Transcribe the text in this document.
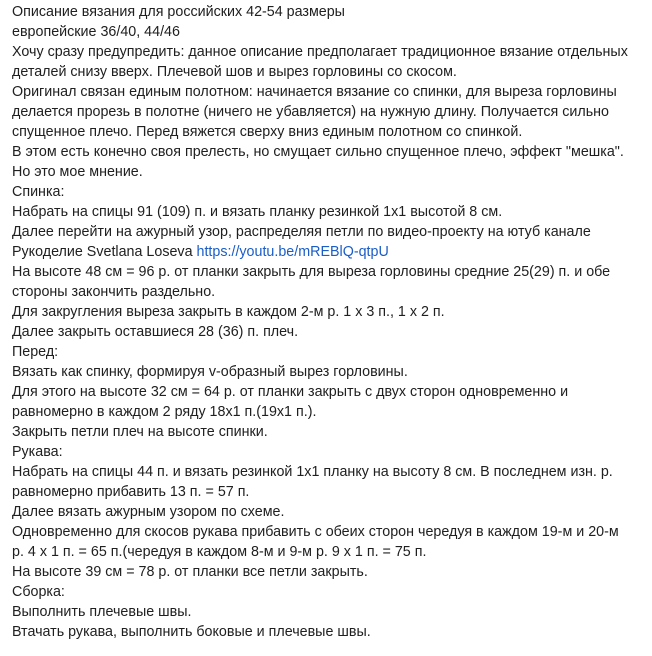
Описание вязания для российских 42-54 размеры
европейские 36/40, 44/46
Хочу сразу предупредить: данное описание предполагает традиционное вязание отдельных
деталей снизу вверх. Плечевой шов и вырез горловины со скосом.
Оригинал связан единым полотном: начинается вязание со спинки, для выреза горловины
делается прорезь в полотне (ничего не убавляется) на нужную длину. Получается сильно
спущенное плечо. Перед вяжется сверху вниз единым полотном со спинкой.
В этом есть конечно своя прелесть, но смущает сильно спущенное плечо, эффект "мешка".
Но это мое мнение.
Спинка:
Набрать на спицы 91 (109) п. и вязать планку резинкой 1х1 высотой 8 см.
Далее перейти на ажурный узор, распределяя петли по видео-проекту на ютуб канале
Рукоделие Svetlana Loseva https://youtu.be/mREBlQ-qtpU
На высоте 48 см = 96 р. от планки закрыть для выреза горловины средние 25(29) п. и обе
стороны закончить раздельно.
Для закругления выреза закрыть в каждом 2-м р. 1 х 3 п., 1 х 2 п.
Далее закрыть оставшиеся 28 (36) п. плеч.
Перед:
Вязать как спинку, формируя v-образный вырез горловины.
Для этого на высоте 32 см = 64 р. от планки закрыть с двух сторон одновременно и
равномерно в каждом 2 ряду 18х1 п.(19х1 п.).
Закрыть петли плеч на высоте спинки.
Рукава:
Набрать на спицы 44 п. и вязать резинкой 1х1 планку на высоту 8 см. В последнем изн. р.
равномерно прибавить 13 п. = 57 п.
Далее вязать ажурным узором по схеме.
Одновременно для скосов рукава прибавить с обеих сторон чередуя в каждом 19-м и 20-м
р. 4 х 1 п. = 65 п.(чередуя в каждом 8-м и 9-м р. 9 х 1 п. = 75 п.
На высоте 39 см = 78 р. от планки все петли закрыть.
Сборка:
Выполнить плечевые швы.
Втачать рукава, выполнить боковые и плечевые швы.
